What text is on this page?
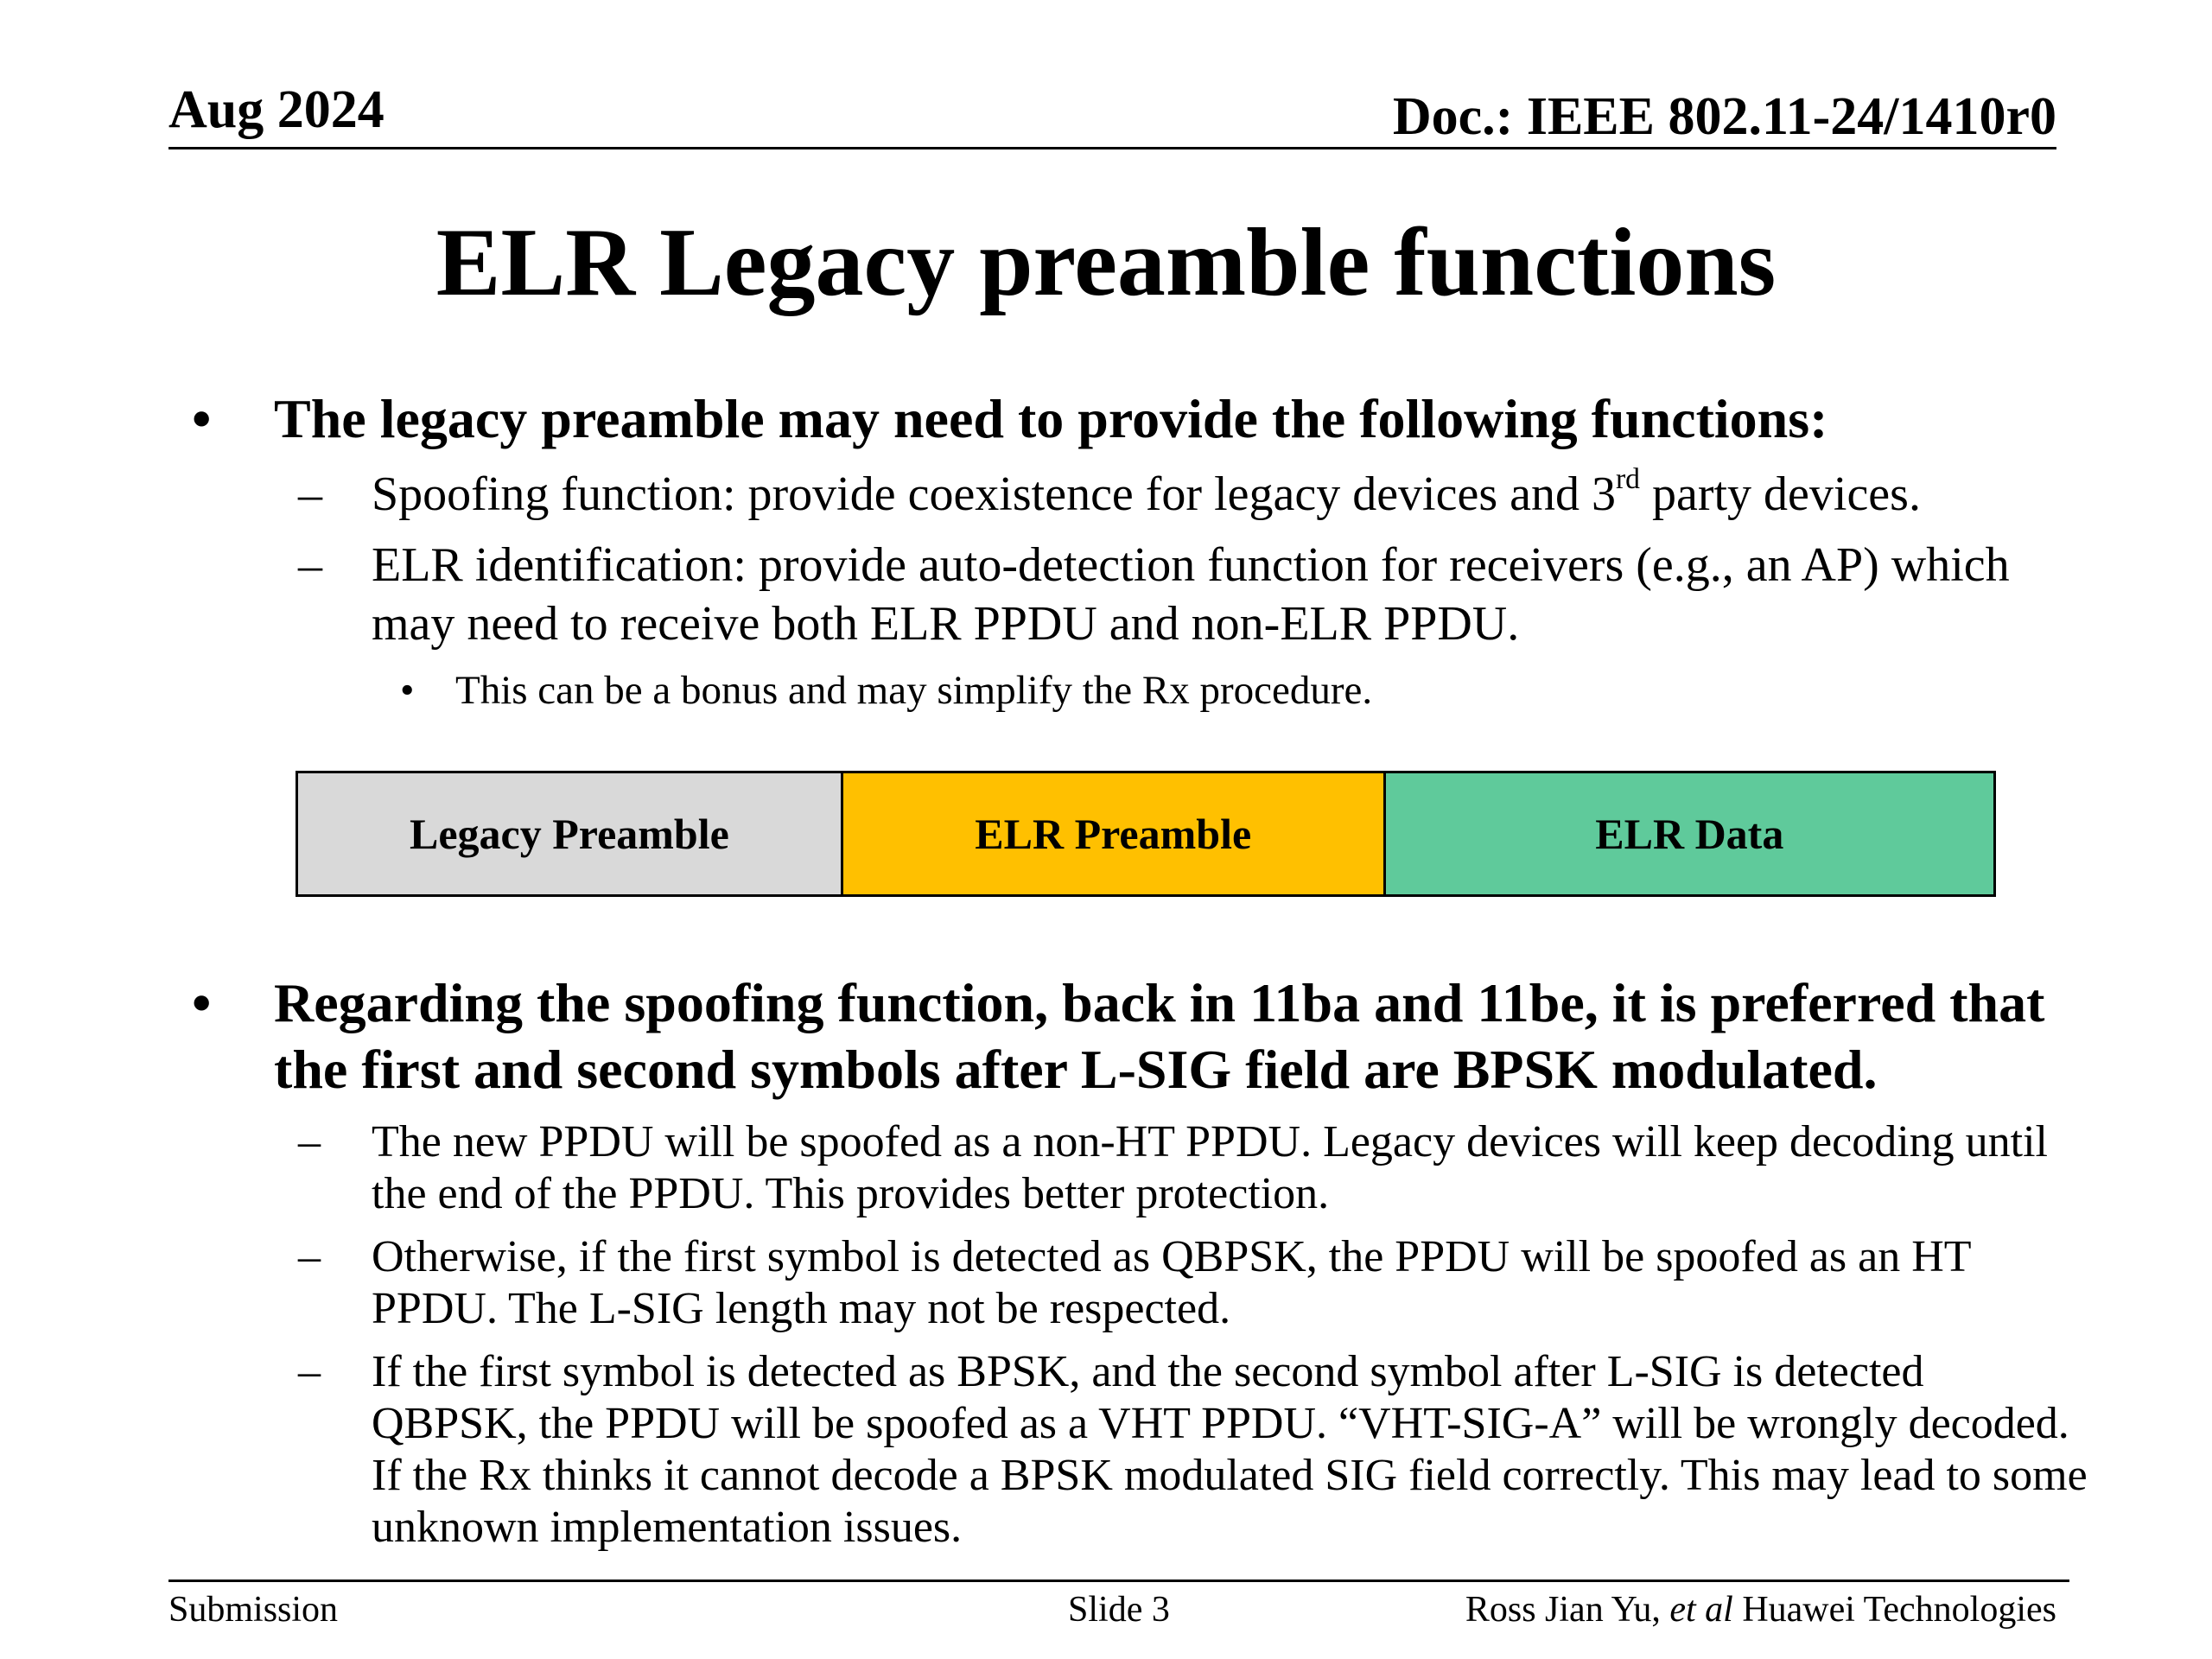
Aug 2024	Doc.: IEEE 802.11-24/1410r0
ELR Legacy preamble functions
• The legacy preamble may need to provide the following functions:
– Spoofing function: provide coexistence for legacy devices and 3rd party devices.
– ELR identification: provide auto-detection function for receivers (e.g., an AP) which may need to receive both ELR PPDU and non-ELR PPDU.
• This can be a bonus and may simplify the Rx procedure.
Legacy Preamble	ELR Preamble	ELR Data
• Regarding the spoofing function, back in 11ba and 11be, it is preferred that the first and second symbols after L-SIG field are BPSK modulated.
– The new PPDU will be spoofed as a non-HT PPDU. Legacy devices will keep decoding until the end of the PPDU. This provides better protection.
– Otherwise, if the first symbol is detected as QBPSK, the PPDU will be spoofed as an HT PPDU. The L-SIG length may not be respected.
– If the first symbol is detected as BPSK, and the second symbol after L-SIG is detected QBPSK, the PPDU will be spoofed as a VHT PPDU. “VHT-SIG-A” will be wrongly decoded. If the Rx thinks it cannot decode a BPSK modulated SIG field correctly. This may lead to some unknown implementation issues.
Submission	Slide 3	Ross Jian Yu, et al Huawei Technologies
